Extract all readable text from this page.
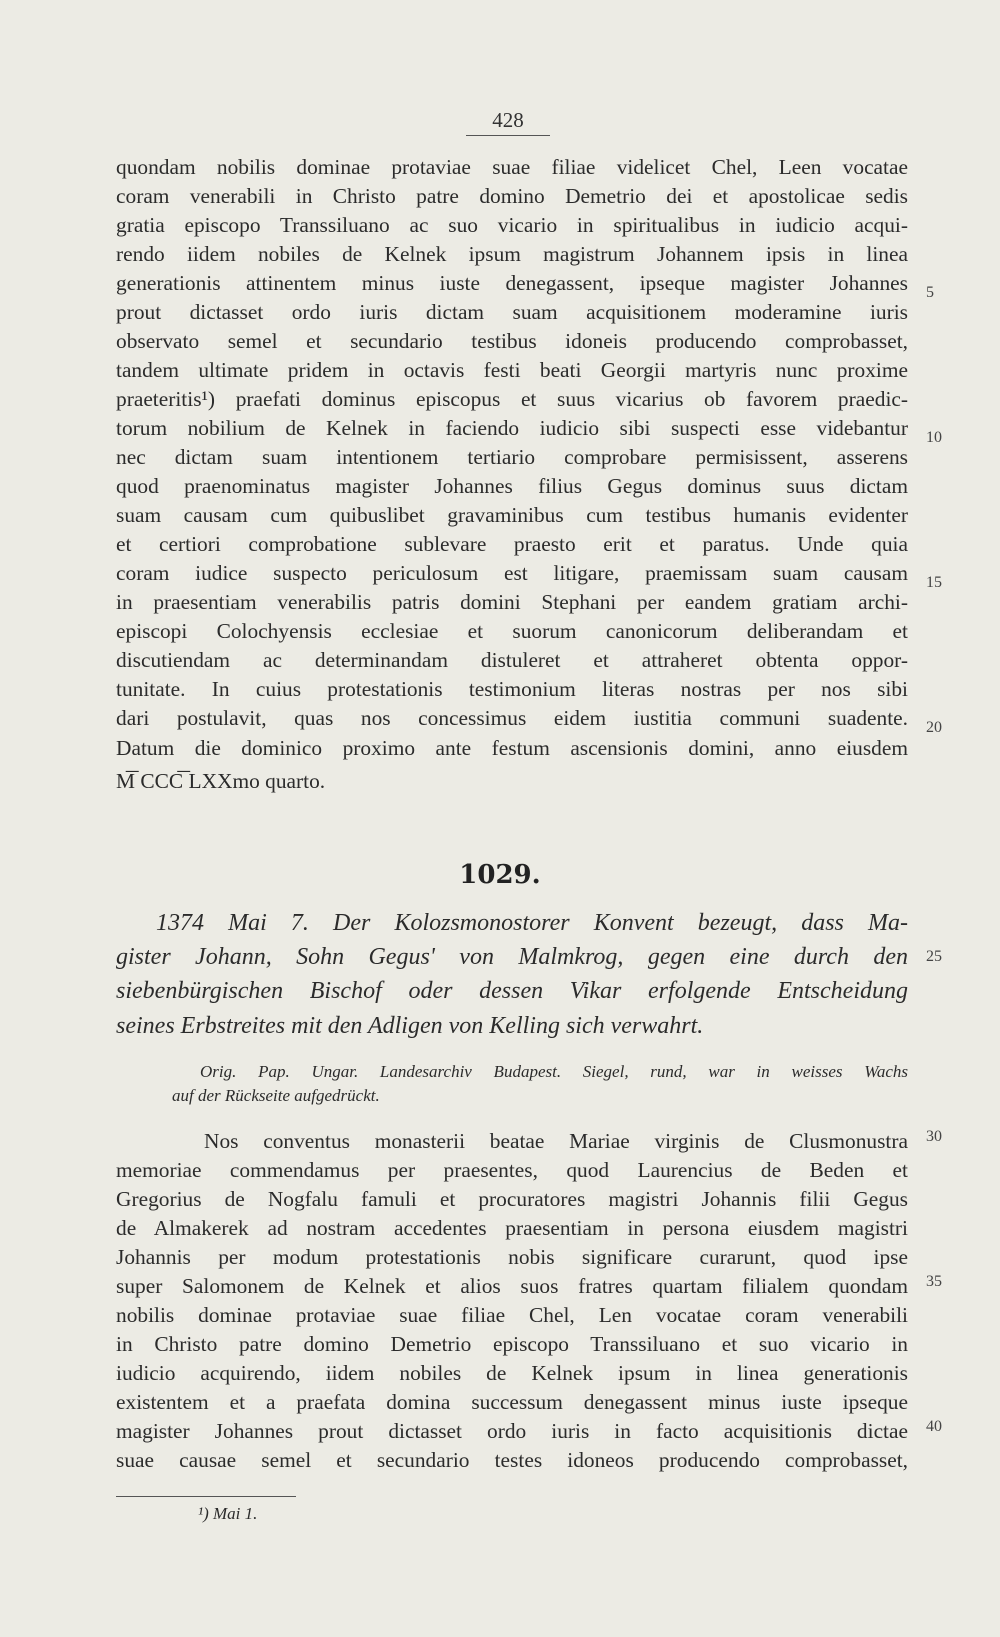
428
quondam nobilis dominae protaviae suae filiae videlicet Chel, Leen vocatae
coram venerabili in Christo patre domino Demetrio dei et apostolicae sedis
gratia episcopo Transsiluano ac suo vicario in spiritualibus in iudicio acqui-
rendo iidem nobiles de Kelnek ipsum magistrum Johannem ipsis in linea
generationis attinentem minus iuste denegassent, ipseque magister Johannes
prout dictasset ordo iuris dictam suam acquisitionem moderamine iuris
observato semel et secundario testibus idoneis producendo comprobasset,
tandem ultimate pridem in octavis festi beati Georgii martyris nunc proxime
praeteritis¹) praefati dominus episcopus et suus vicarius ob favorem praedic-
torum nobilium de Kelnek in faciendo iudicio sibi suspecti esse videbantur
nec dictam suam intentionem tertiario comprobare permisissent, asserens
quod praenominatus magister Johannes filius Gegus dominus suus dictam
suam causam cum quibuslibet gravaminibus cum testibus humanis evidenter
et certiori comprobatione sublevare praesto erit et paratus. Unde quia
coram iudice suspecto periculosum est litigare, praemissam suam causam
in praesentiam venerabilis patris domini Stephani per eandem gratiam archi-
episcopi Colochyensis ecclesiae et suorum canonicorum deliberandam et
discutiendam ac determinandam distuleret et attraheret obtenta oppor-
tunitate. In cuius protestationis testimonium literas nostras per nos sibi
dari postulavit, quas nos concessimus eidem iustitia communi suadente.
Datum die dominico proximo ante festum ascensionis domini, anno eiusdem
M͞ CCC͞ LXXmo quarto.
5
10
15
20
1029.
1374 Mai 7. Der Kolozsmonostorer Konvent bezeugt, dass Ma-
gister Johann, Sohn Gegus' von Malmkrog, gegen eine durch den
siebenbürgischen Bischof oder dessen Vikar erfolgende Entscheidung
seines Erbstreites mit den Adligen von Kelling sich verwahrt.
25
Orig. Pap. Ungar. Landesarchiv Budapest. Siegel, rund, war in weisses Wachs
auf der Rückseite aufgedrückt.
Nos conventus monasterii beatae Mariae virginis de Clusmonustra
memoriae commendamus per praesentes, quod Laurencius de Beden et
Gregorius de Nogfalu famuli et procuratores magistri Johannis filii Gegus
de Almakerek ad nostram accedentes praesentiam in persona eiusdem magistri
Johannis per modum protestationis nobis significare curarunt, quod ipse
super Salomonem de Kelnek et alios suos fratres quartam filialem quondam
nobilis dominae protaviae suae filiae Chel, Len vocatae coram venerabili
in Christo patre domino Demetrio episcopo Transsiluano et suo vicario in
iudicio acquirendo, iidem nobiles de Kelnek ipsum in linea generationis
existentem et a praefata domina successum denegassent minus iuste ipseque
magister Johannes prout dictasset ordo iuris in facto acquisitionis dictae
suae causae semel et secundario testes idoneos producendo comprobasset,
30
35
40
¹) Mai 1.
